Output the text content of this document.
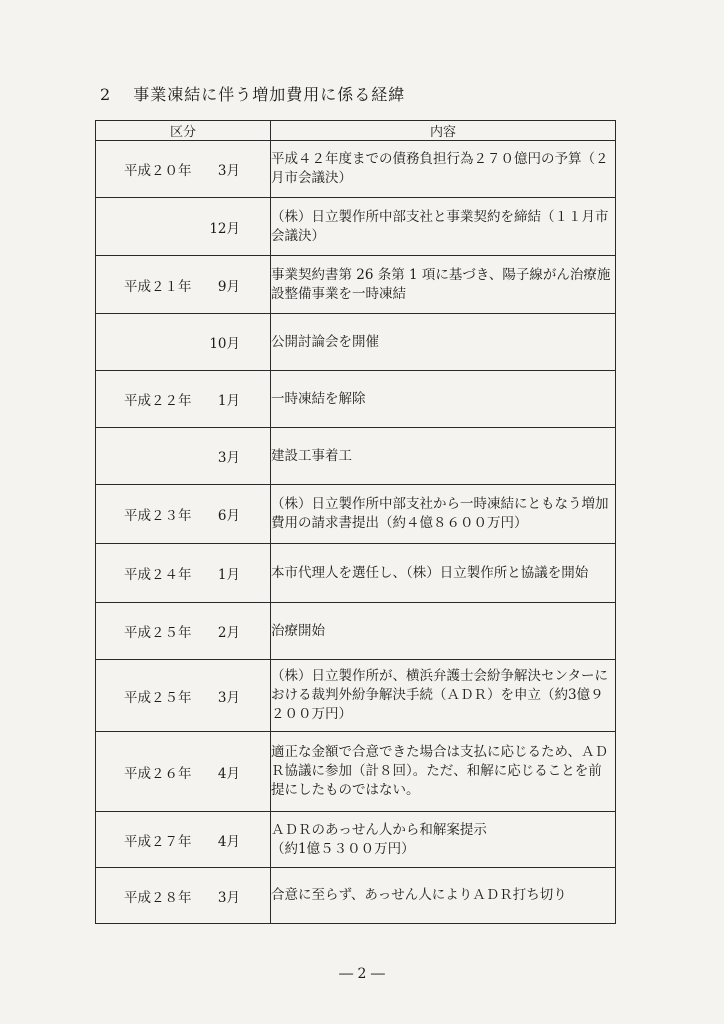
2 事業凍結に伴う増加費用に係る経緯
区分	内容

平成２０年 3月	平成４２年度までの債務負担行為２７０億円の予算（２月市会議決）

12月	（株）日立製作所中部支社と事業契約を締結（１１月市会議決）

平成２１年 9月	事業契約書第 26 条第 1 項に基づき、陽子線がん治療施設整備事業を一時凍結

10月	公開討論会を開催

平成２２年 1月	一時凍結を解除

3月	建設工事着工

平成２３年 6月	（株）日立製作所中部支社から一時凍結にともなう増加費用の請求書提出（約４億８６００万円）

平成２４年 1月	本市代理人を選任し、（株）日立製作所と協議を開始

平成２５年 2月	治療開始

平成２５年 3月	（株）日立製作所が、横浜弁護士会紛争解決センターにおける裁判外紛争解決手続（ＡＤＲ）を申立（約3億９２００万円）

平成２６年 4月	適正な金額で合意できた場合は支払に応じるため、ＡＤＲ協議に参加（計８回）。ただ、和解に応じることを前提にしたものではない。

平成２７年 4月	ＡＤＲのあっせん人から和解案提示
（約1億５３００万円）

平成２８年 3月	合意に至らず、あっせん人によりＡＤＲ打ち切り
― 2 ―
